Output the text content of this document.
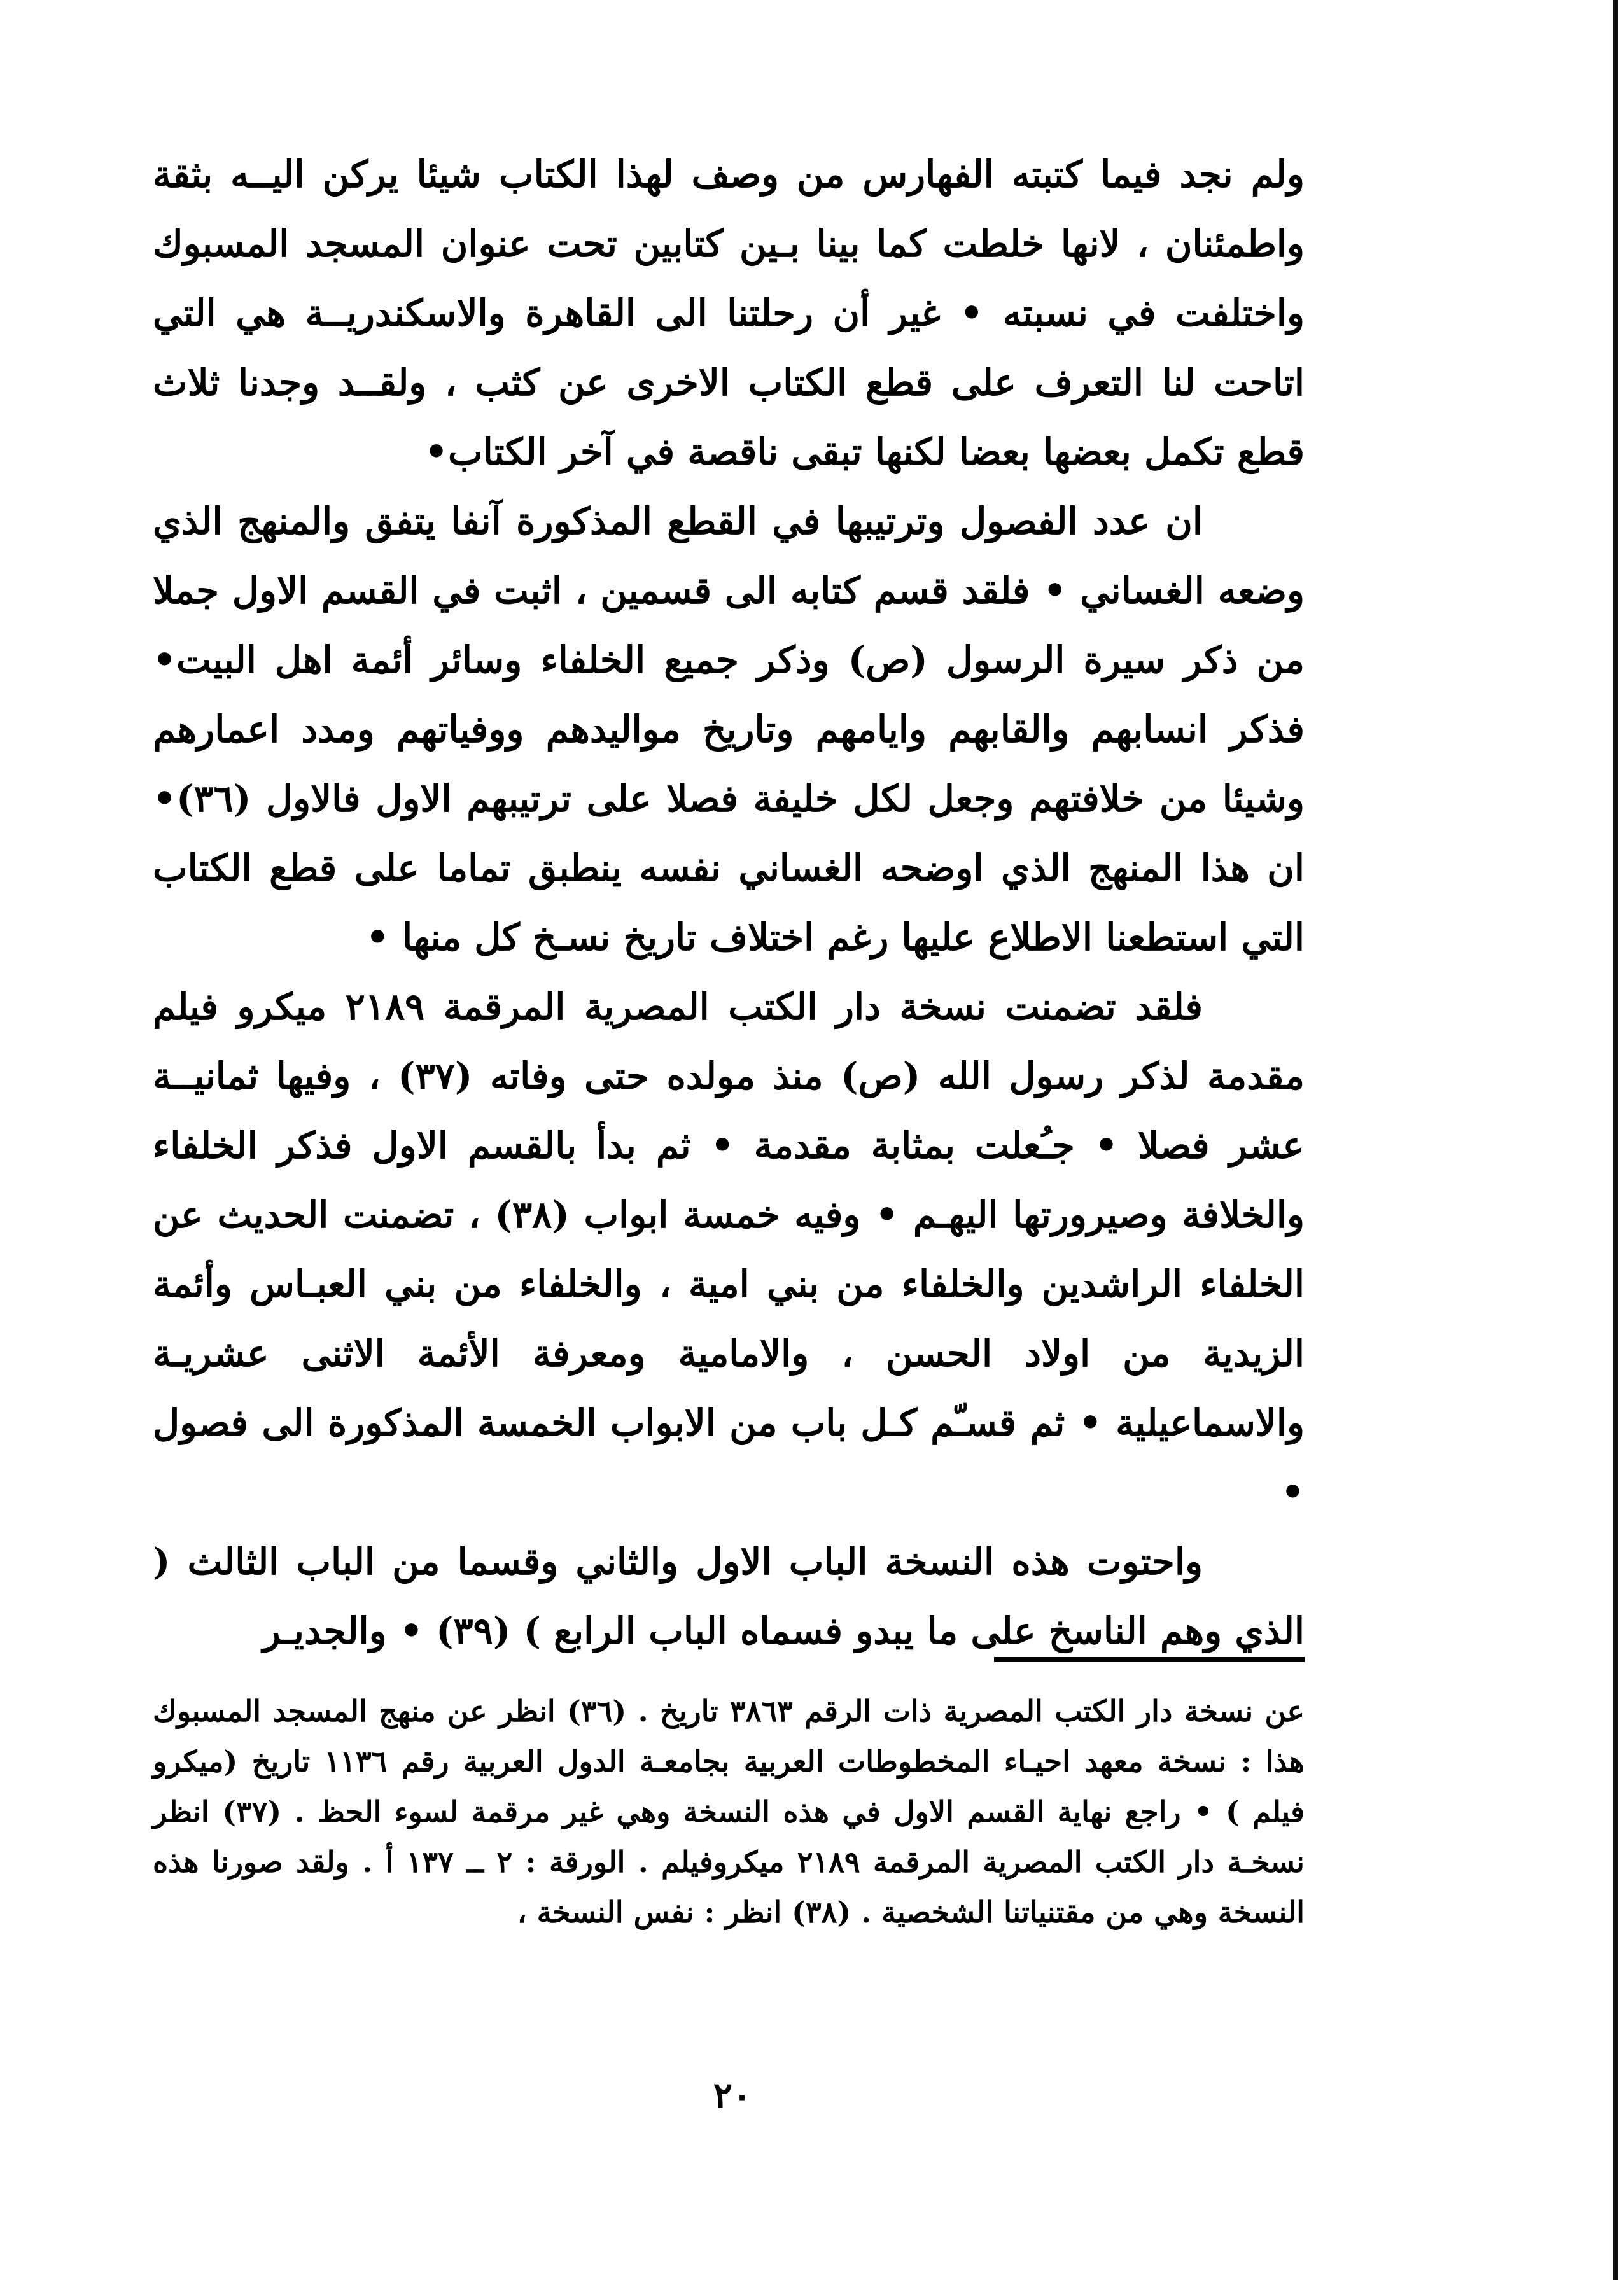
ولم نجد فيما كتبته الفهارس من وصف لهذا الكتاب شيئا يركن اليــه بثقة واطمئنان ، لانها خلطت كما بينا بـين كتابين تحت عنوان المسجد المسبوك واختلفت في نسبته • غير أن رحلتنا الى القاهرة والاسكندريــة هي التي اتاحت لنا التعرف على قطع الكتاب الاخرى عن كثب ، ولقــد وجدنا ثلاث قطع تكمل بعضها بعضا لكنها تبقى ناقصة في آخر الكتاب•

ان عدد الفصول وترتيبها في القطع المذكورة آنفا يتفق والمنهج الذي وضعه الغساني • فلقد قسم كتابه الى قسمين ، اثبت في القسم الاول جملا من ذكر سيرة الرسول (ص) وذكر جميع الخلفاء وسائر أئمة اهل البيت• فذكر انسابهم والقابهم وايامهم وتاريخ مواليدهم ووفياتهم ومدد اعمارهم وشيئا من خلافتهم وجعل لكل خليفة فصلا على ترتيبهم الاول فالاول (٣٦)• ان هذا المنهج الذي اوضحه الغساني نفسه ينطبق تماما على قطع الكتاب التي استطعنا الاطلاع عليها رغم اختلاف تاريخ نسـخ كل منها •

فلقد تضمنت نسخة دار الكتب المصرية المرقمة ٢١٨٩ ميكرو فيلم مقدمة لذكر رسول الله (ص) منذ مولده حتى وفاته (٣٧) ، وفيها ثمانيــة عشر فصلا • جـُعلت بمثابة مقدمة • ثم بدأ بالقسم الاول فذكر الخلفاء والخلافة وصيرورتها اليهـم • وفيه خمسة ابواب (٣٨) ، تضمنت الحديث عن الخلفاء الراشدين والخلفاء من بني امية ، والخلفاء من بني العبـاس وأئمة الزيدية من اولاد الحسن ، والامامية ومعرفة الأئمة الاثنى عشريـة والاسماعيلية • ثم قسـّم كـل باب من الابواب الخمسة المذكورة الى فصول •

واحتوت هذه النسخة الباب الاول والثاني وقسما من الباب الثالث ( الذي وهم الناسخ على ما يبدو فسماه الباب الرابع ) (٣٩) • والجديـر

عن نسخة دار الكتب المصرية ذات الرقم ٣٨٦٣ تاريخ . (٣٦) انظر عن منهج المسجد المسبوك هذا : نسخة معهد احيـاء المخطوطات العربية بجامعـة الدول العربية رقم ١١٣٦ تاريخ (ميكرو فيلم ) • راجع نهاية القسم الاول في هذه النسخة وهي غير مرقمة لسوء الحظ . (٣٧) انظر نسخـة دار الكتب المصرية المرقمة ٢١٨٩ ميكروفيلم . الورقة : ٢ ــ ١٣٧ أ . ولقد صورنا هذه النسخة وهي من مقتنياتنا الشخصية . (٣٨) انظر : نفس النسخة ،

٢٠
